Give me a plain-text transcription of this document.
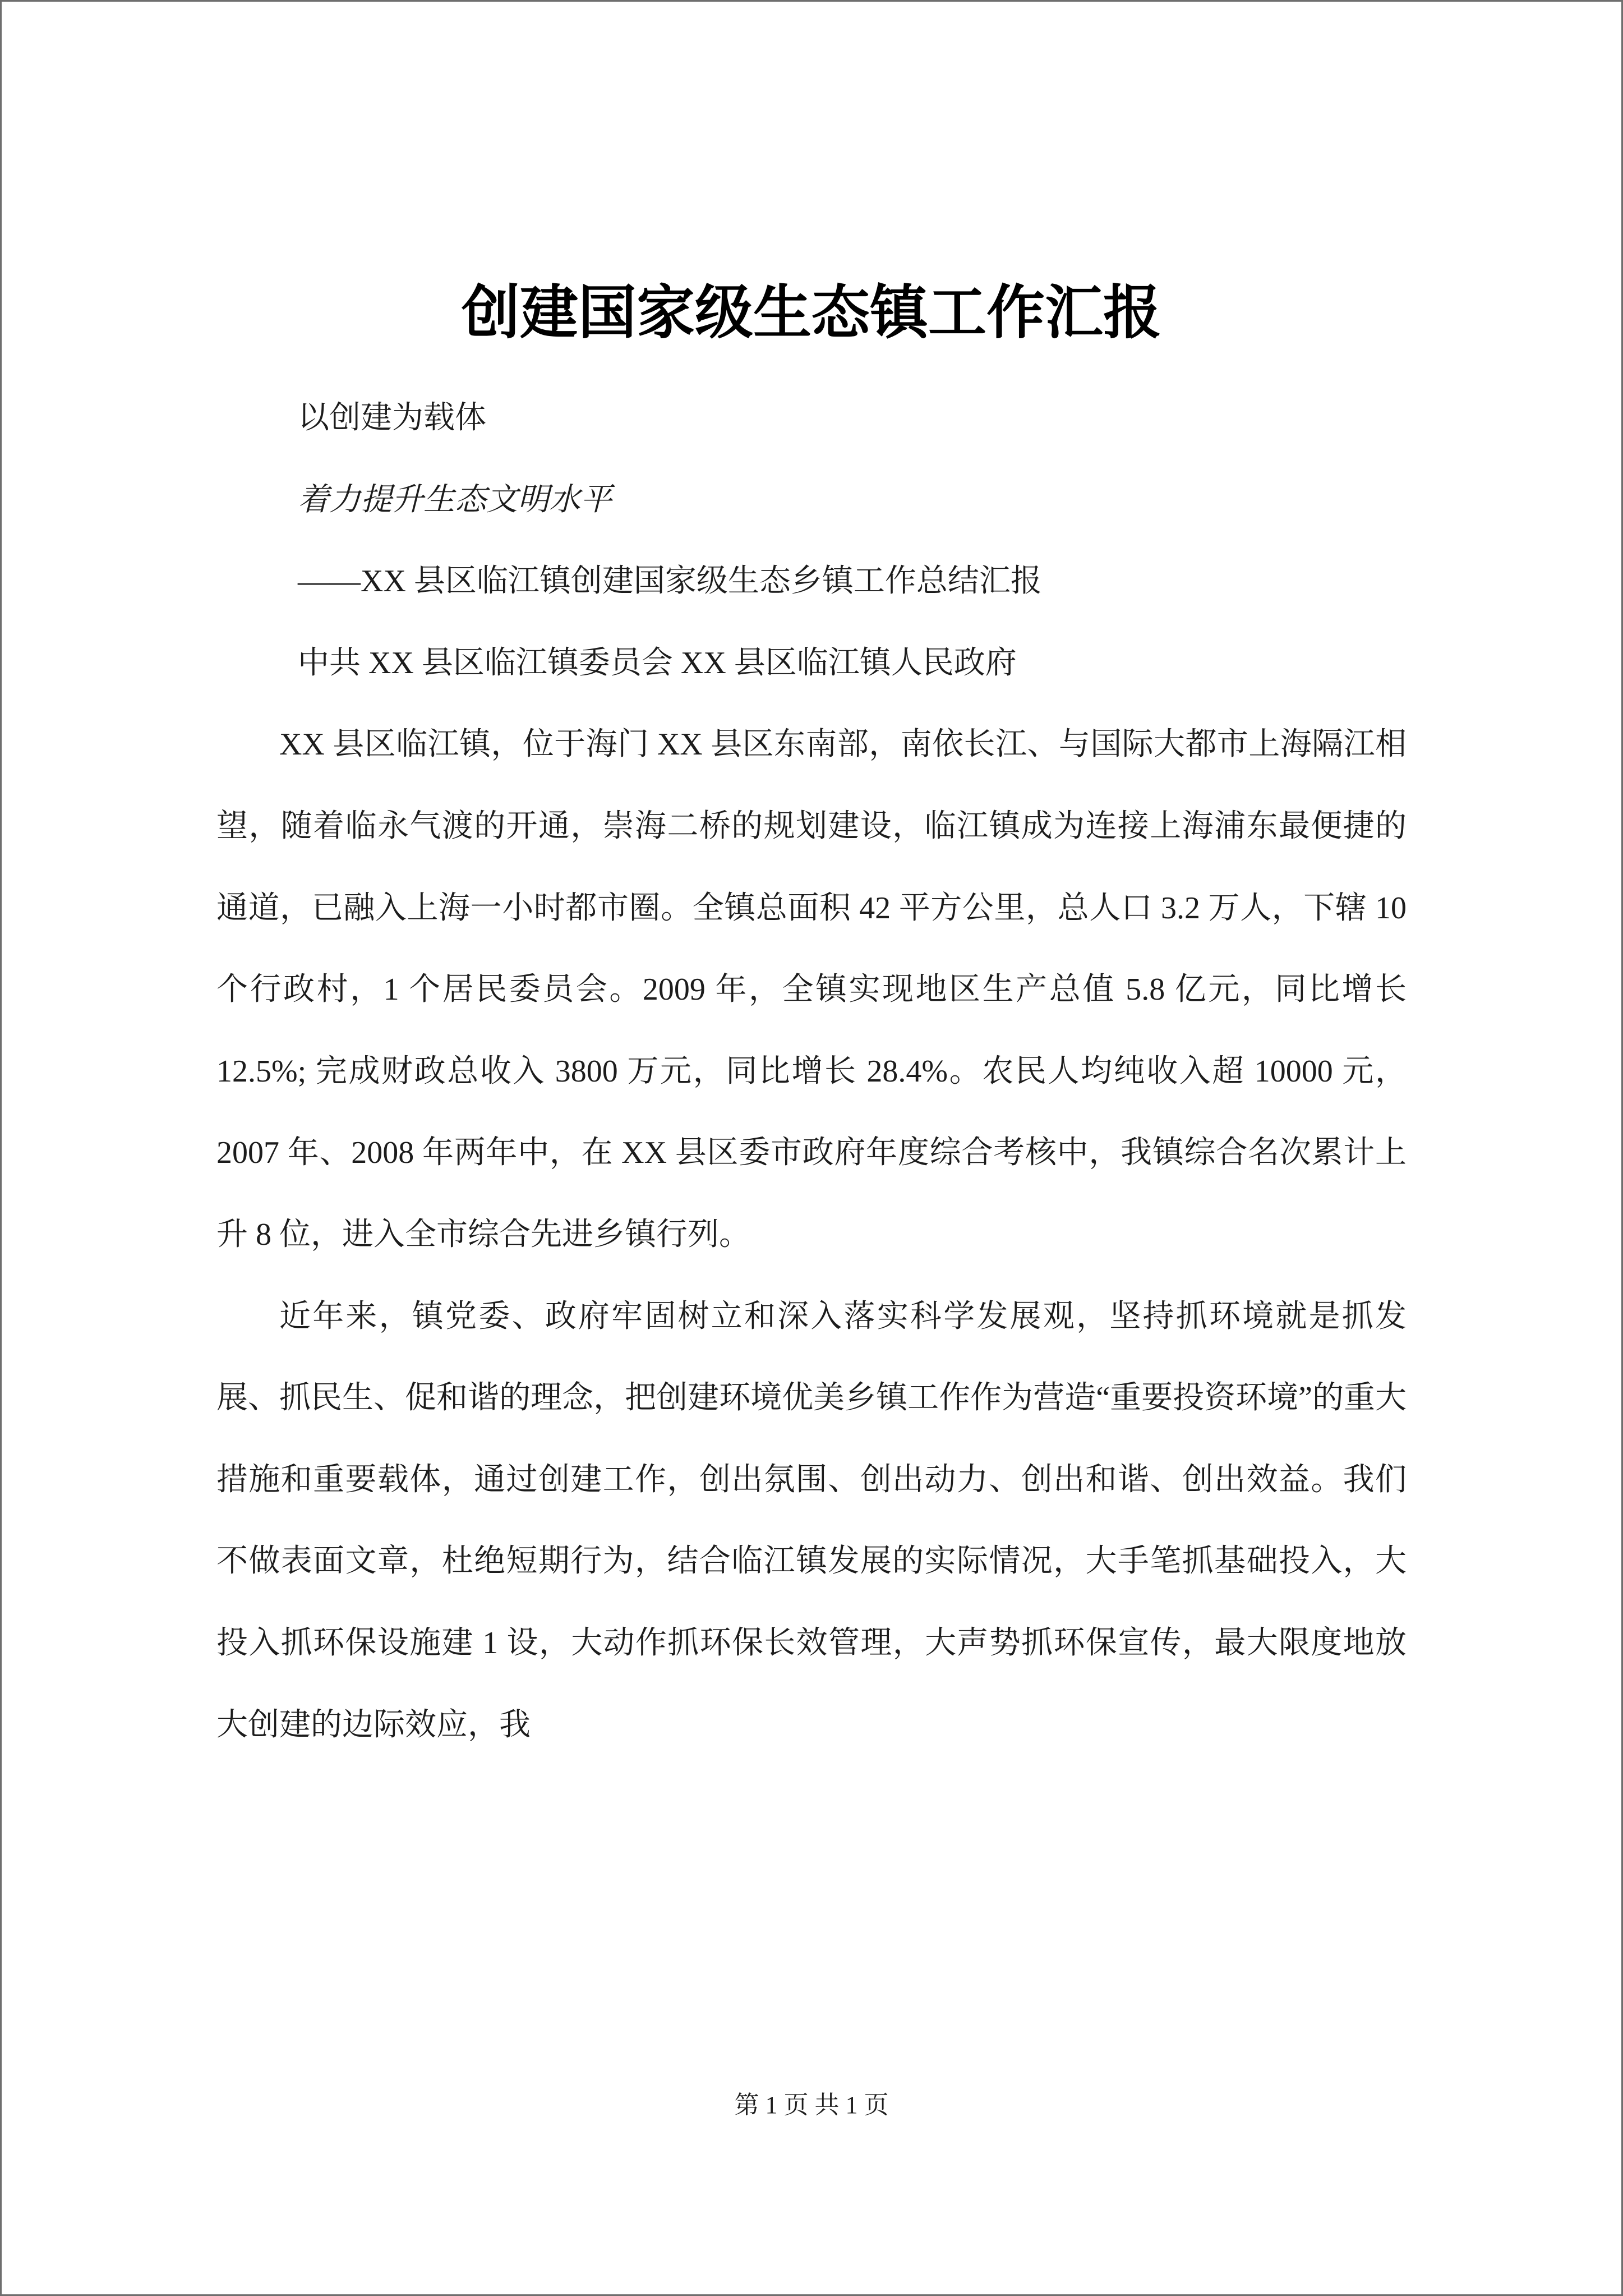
创建国家级生态镇工作汇报

以创建为载体

着力提升生态文明水平

——XX 县区临江镇创建国家级生态乡镇工作总结汇报

中共 XX 县区临江镇委员会 XX 县区临江镇人民政府

XX 县区临江镇，位于海门 XX 县区东南部，南依长江、与国际大都市上海隔江相望，随着临永气渡的开通，崇海二桥的规划建设，临江镇成为连接上海浦东最便捷的通道，已融入上海一小时都市圈。全镇总面积 42 平方公里，总人口 3.2 万人，下辖 10 个行政村，1 个居民委员会。2009 年，全镇实现地区生产总值 5.8 亿元，同比增长 12.5%; 完成财政总收入 3800 万元，同比增长 28.4%。农民人均纯收入超 10000 元，2007 年、2008 年两年中，在 XX 县区委市政府年度综合考核中，我镇综合名次累计上升 8 位，进入全市综合先进乡镇行列。

近年来，镇党委、政府牢固树立和深入落实科学发展观，坚持抓环境就是抓发展、抓民生、促和谐的理念，把创建环境优美乡镇工作作为营造“重要投资环境”的重大措施和重要载体，通过创建工作，创出氛围、创出动力、创出和谐、创出效益。我们不做表面文章，杜绝短期行为，结合临江镇发展的实际情况，大手笔抓基础投入，大投入抓环保设施建 1 设，大动作抓环保长效管理，大声势抓环保宣传，最大限度地放大创建的边际效应，我

第 1 页 共 1 页
